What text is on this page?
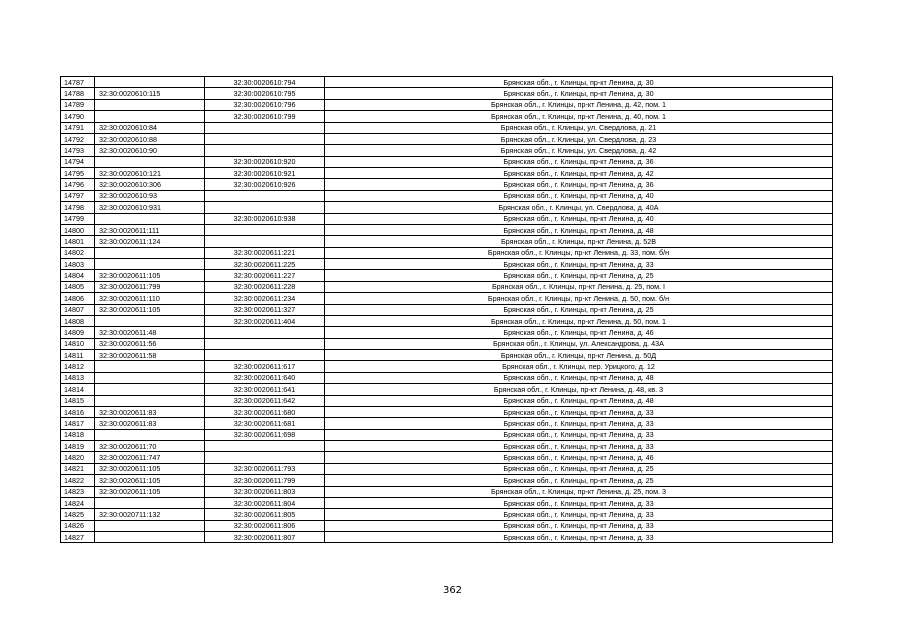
14787		32:30:0020610:794	Брянская обл., г. Клинцы, пр-кт Ленина, д. 30
14788	32:30:0020610:115	32:30:0020610:795	Брянская обл., г. Клинцы, пр-кт Ленина, д. 30
14789		32:30:0020610:796	Брянская обл., г. Клинцы, пр-кт Ленина, д. 42, пом. 1
14790		32:30:0020610:799	Брянская обл., г. Клинцы, пр-кт Ленина, д. 40, пом. 1
14791	32:30:0020610:84		Брянская обл., г. Клинцы, ул. Свердлова, д. 21
14792	32:30:0020610:88		Брянская обл., г. Клинцы, ул. Свердлова, д. 23
14793	32:30:0020610:90		Брянская обл., г. Клинцы, ул. Свердлова, д. 42
14794		32:30:0020610:920	Брянская обл., г. Клинцы, пр-кт Ленина, д. 36
14795	32:30:0020610:121	32:30:0020610:921	Брянская обл., г. Клинцы, пр-кт Ленина, д. 42
14796	32:30:0020610:306	32:30:0020610:926	Брянская обл., г. Клинцы, пр-кт Ленина, д. 36
14797	32:30:0020610:93		Брянская обл., г. Клинцы, пр-кт Ленина, д. 40
14798	32:30:0020610:931		Брянская обл., г. Клинцы, ул. Свердлова, д. 40А
14799		32:30:0020610:938	Брянская обл., г. Клинцы, пр-кт Ленина, д. 40
14800	32:30:0020611:111		Брянская обл., г. Клинцы, пр-кт Ленина, д. 48
14801	32:30:0020611:124		Брянская обл., г. Клинцы, пр-кт Ленина, д. 52В
14802		32:30:0020611:221	Брянская обл., г. Клинцы, пр-кт Ленина, д. 33, пом. б/н
14803		32:30:0020611:225	Брянская обл., г. Клинцы, пр-кт Ленина, д. 33
14804	32:30:0020611:105	32:30:0020611:227	Брянская обл., г. Клинцы, пр-кт Ленина, д. 25
14805	32:30:0020611:799	32:30:0020611:228	Брянская обл., г. Клинцы, пр-кт Ленина, д. 25, пом. I
14806	32:30:0020611:110	32:30:0020611:234	Брянская обл., г. Клинцы, пр-кт Ленина, д. 50, пом. б/н
14807	32:30:0020611:105	32:30:0020611:327	Брянская обл., г. Клинцы, пр-кт Ленина, д. 25
14808		32:30:0020611:404	Брянская обл., г. Клинцы, пр-кт Ленина, д. 50, пом. 1
14809	32:30:0020611:48		Брянская обл., г. Клинцы, пр-кт Ленина, д. 46
14810	32:30:0020611:56		Брянская обл., г. Клинцы, ул. Александрова, д. 43А
14811	32:30:0020611:58		Брянская обл., г. Клинцы, пр-кт Ленина, д. 50Д
14812		32:30:0020611:617	Брянская обл., г. Клинцы, пер. Урицкого, д. 12
14813		32:30:0020611:640	Брянская обл., г. Клинцы, пр-кт Ленина, д. 48
14814		32:30:0020611:641	Брянская обл., г. Клинцы, пр-кт Ленина, д. 48, кв. 3
14815		32:30:0020611:642	Брянская обл., г. Клинцы, пр-кт Ленина, д. 48
14816	32:30:0020611:83	32:30:0020611:680	Брянская обл., г. Клинцы, пр-кт Ленина, д. 33
14817	32:30:0020611:83	32:30:0020611:681	Брянская обл., г. Клинцы, пр-кт Ленина, д. 33
14818		32:30:0020611:698	Брянская обл., г. Клинцы, пр-кт Ленина, д. 33
14819	32:30:0020611:70		Брянская обл., г. Клинцы, пр-кт Ленина, д. 33
14820	32:30:0020611:747		Брянская обл., г. Клинцы, пр-кт Ленина, д. 46
14821	32:30:0020611:105	32:30:0020611:793	Брянская обл., г. Клинцы, пр-кт Ленина, д. 25
14822	32:30:0020611:105	32:30:0020611:799	Брянская обл., г. Клинцы, пр-кт Ленина, д. 25
14823	32:30:0020611:105	32:30:0020611:803	Брянская обл., г. Клинцы, пр-кт Ленина, д. 25, пом. 3
14824		32:30:0020611:804	Брянская обл., г. Клинцы, пр-кт Ленина, д. 33
14825	32:30:0020711:132	32:30:0020611:805	Брянская обл., г. Клинцы, пр-кт Ленина, д. 33
14826		32:30:0020611:806	Брянская обл., г. Клинцы, пр-кт Ленина, д. 33
14827		32:30:0020611:807	Брянская обл., г. Клинцы, пр-кт Ленина, д. 33
362
